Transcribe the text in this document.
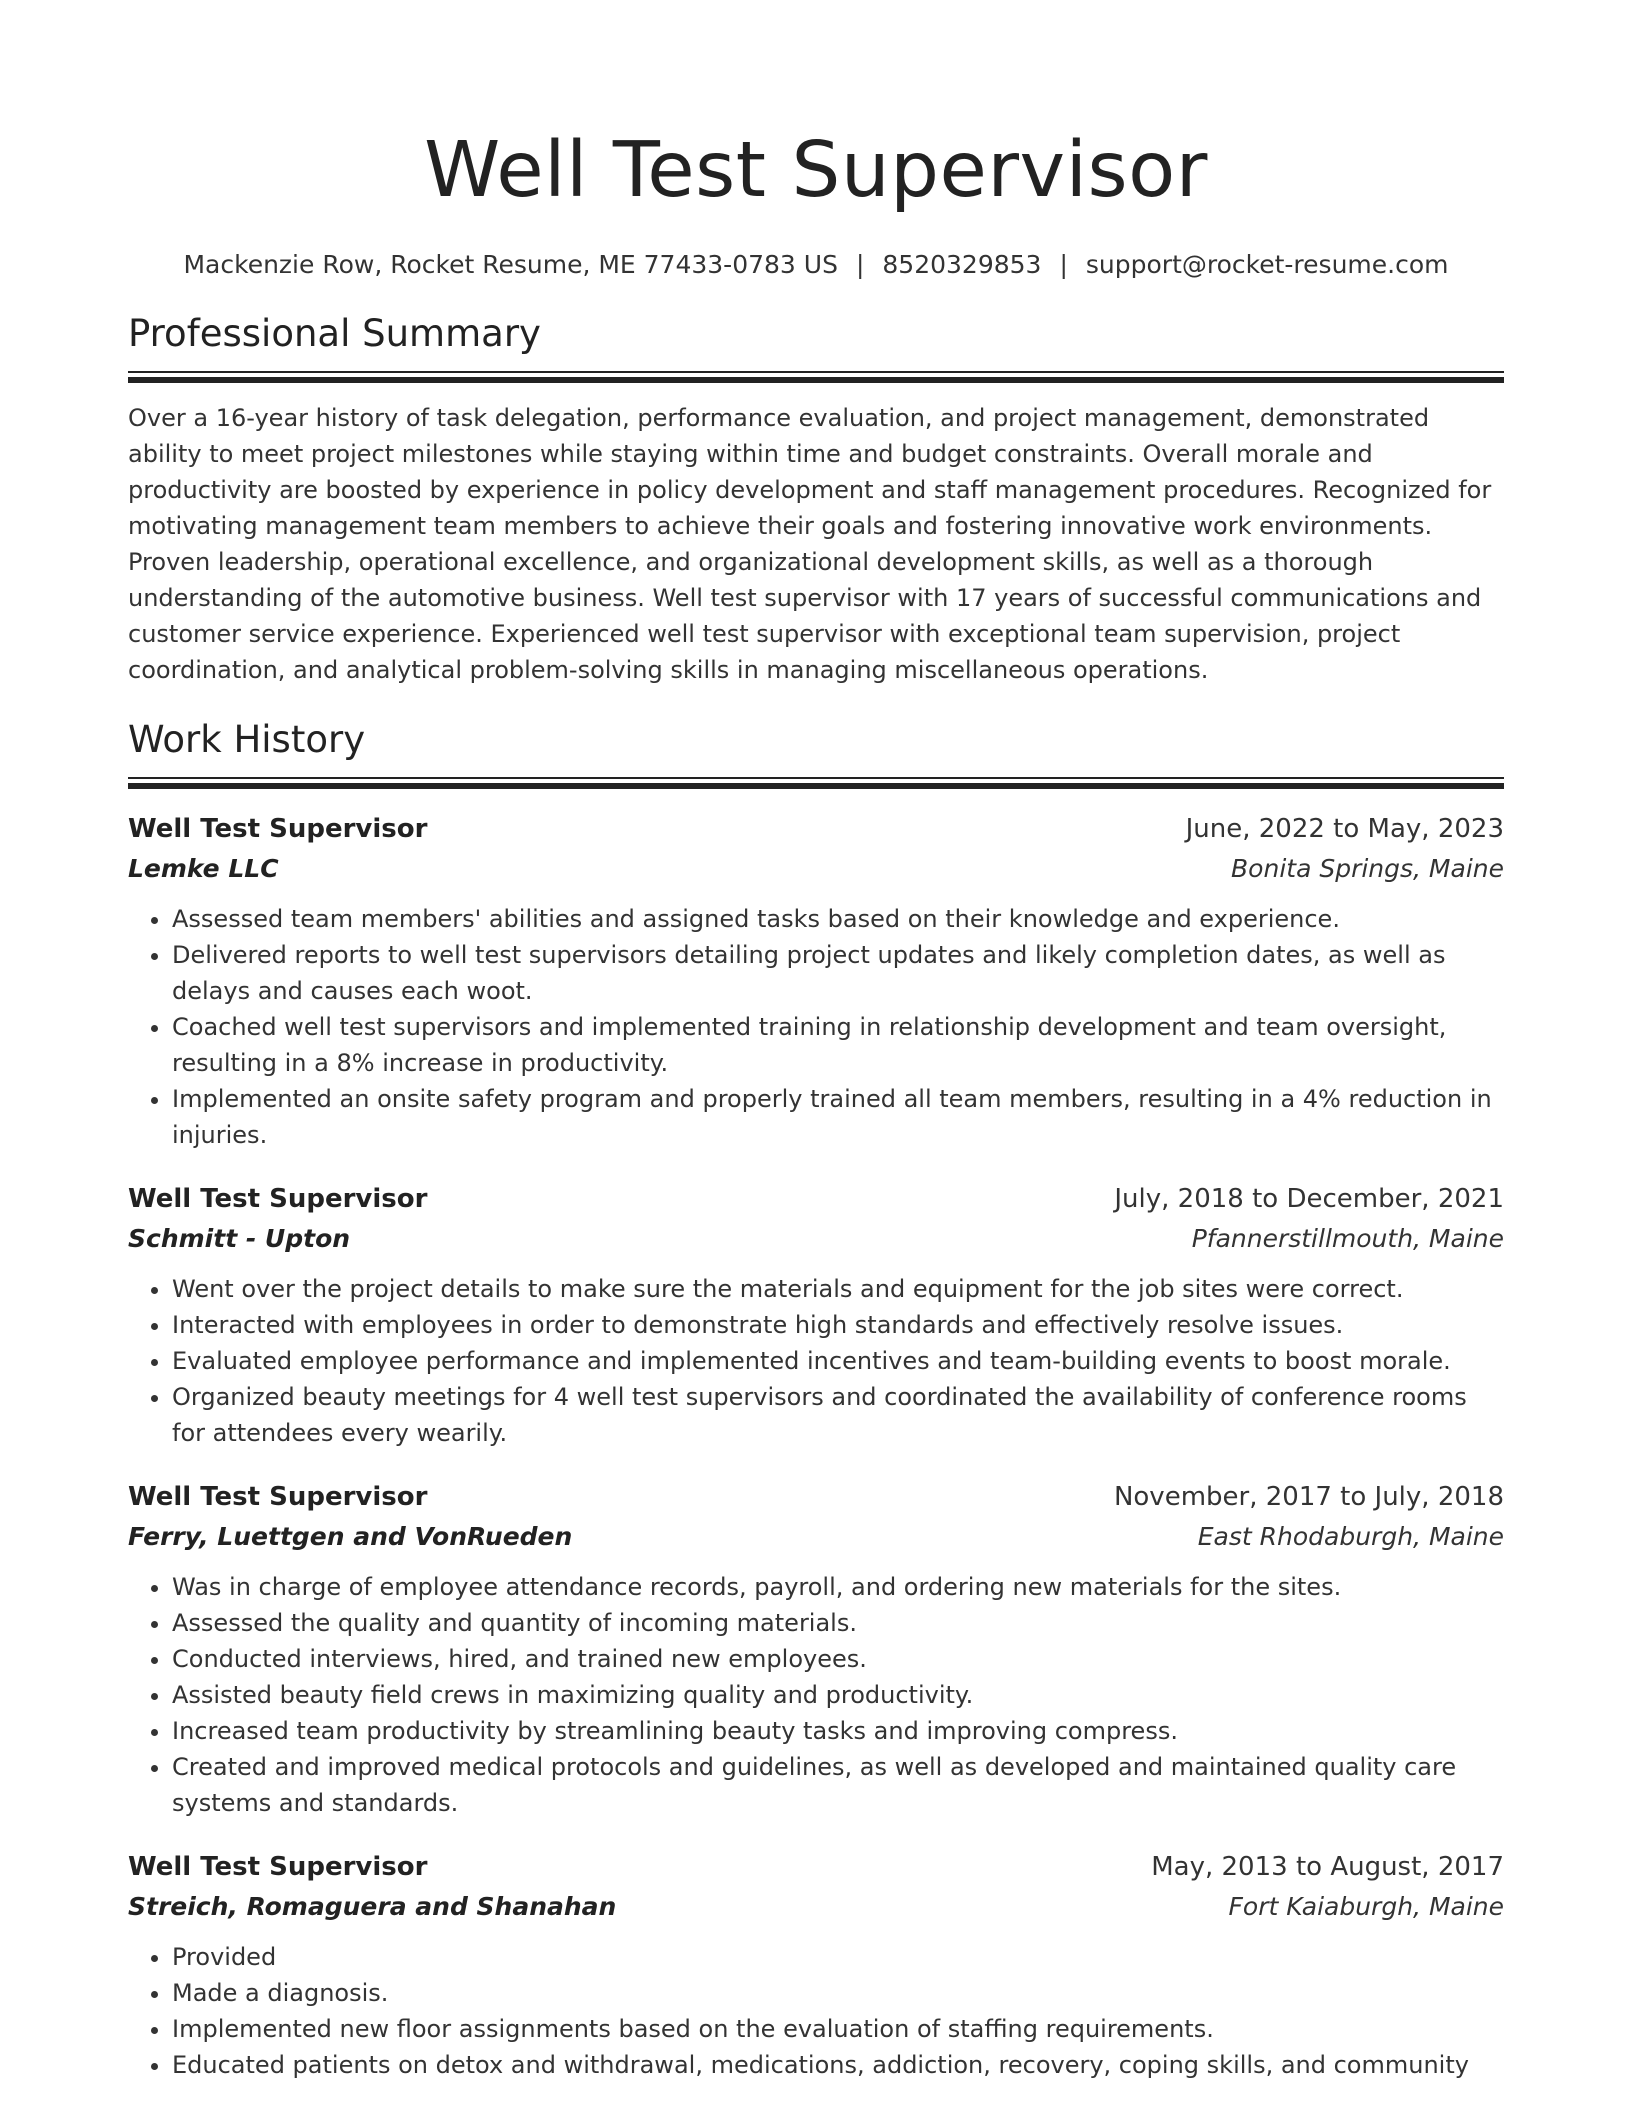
Well Test Supervisor
Mackenzie Row, Rocket Resume, ME 77433-0783 US | 8520329853 | support@rocket-resume.com
Professional Summary
Over a 16-year history of task delegation, performance evaluation, and project management, demonstrated ability to meet project milestones while staying within time and budget constraints. Overall morale and productivity are boosted by experience in policy development and staff management procedures. Recognized for motivating management team members to achieve their goals and fostering innovative work environments. Proven leadership, operational excellence, and organizational development skills, as well as a thorough understanding of the automotive business. Well test supervisor with 17 years of successful communications and customer service experience. Experienced well test supervisor with exceptional team supervision, project coordination, and analytical problem-solving skills in managing miscellaneous operations.
Work History
Well Test Supervisor	June, 2022 to May, 2023
Lemke LLC	Bonita Springs, Maine
• Assessed team members' abilities and assigned tasks based on their knowledge and experience.
• Delivered reports to well test supervisors detailing project updates and likely completion dates, as well as delays and causes each woot.
• Coached well test supervisors and implemented training in relationship development and team oversight, resulting in a 8% increase in productivity.
• Implemented an onsite safety program and properly trained all team members, resulting in a 4% reduction in injuries.
Well Test Supervisor	July, 2018 to December, 2021
Schmitt - Upton	Pfannerstillmouth, Maine
• Went over the project details to make sure the materials and equipment for the job sites were correct.
• Interacted with employees in order to demonstrate high standards and effectively resolve issues.
• Evaluated employee performance and implemented incentives and team-building events to boost morale.
• Organized beauty meetings for 4 well test supervisors and coordinated the availability of conference rooms for attendees every wearily.
Well Test Supervisor	November, 2017 to July, 2018
Ferry, Luettgen and VonRueden	East Rhodaburgh, Maine
• Was in charge of employee attendance records, payroll, and ordering new materials for the sites.
• Assessed the quality and quantity of incoming materials.
• Conducted interviews, hired, and trained new employees.
• Assisted beauty field crews in maximizing quality and productivity.
• Increased team productivity by streamlining beauty tasks and improving compress.
• Created and improved medical protocols and guidelines, as well as developed and maintained quality care systems and standards.
Well Test Supervisor	May, 2013 to August, 2017
Streich, Romaguera and Shanahan	Fort Kaiaburgh, Maine
• Provided
• Made a diagnosis.
• Implemented new floor assignments based on the evaluation of staffing requirements.
• Educated patients on detox and withdrawal, medications, addiction, recovery, coping skills, and community
